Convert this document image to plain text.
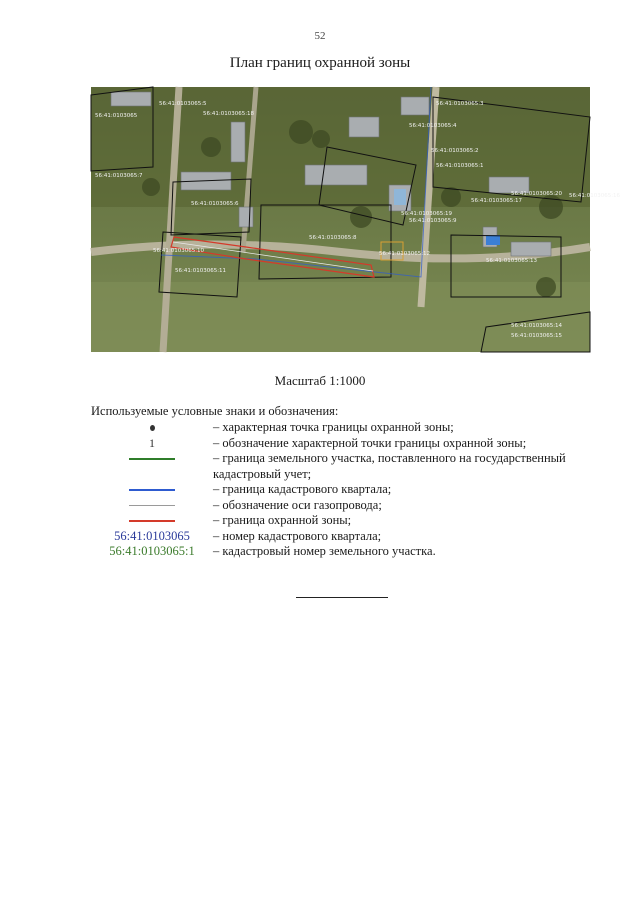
52
План границ охранной зоны
56:41:0103065
56:41:0103065:5
56:41:0103065:4
56:41:0103065:3
56:41:0103065:2
56:41:0103065:1
56:41:0103065:7
56:41:0103065:6
56:41:0103065:8
56:41:0103065:9
56:41:0103065:10
56:41:0103065:11
56:41:0103065:12
56:41:0103065:13
56:41:0103065:14
56:41:0103065:15
56:41:0103065:16
56:41:0103065:17
56:41:0103065:18
56:41:0103065:19
56:41:0103065:20
Масштаб 1:1000
Используемые условные знаки и обозначения:
– характерная точка границы охранной зоны;
1	– обозначение характерной точки границы охранной зоны;
– граница земельного участка, поставленного на государственный кадастровый учет;
– граница кадастрового квартала;
– обозначение оси газопровода;
– граница охранной зоны;
56:41:0103065 – номер кадастрового квартала;
56:41:0103065:1 – кадастровый номер земельного участка.
